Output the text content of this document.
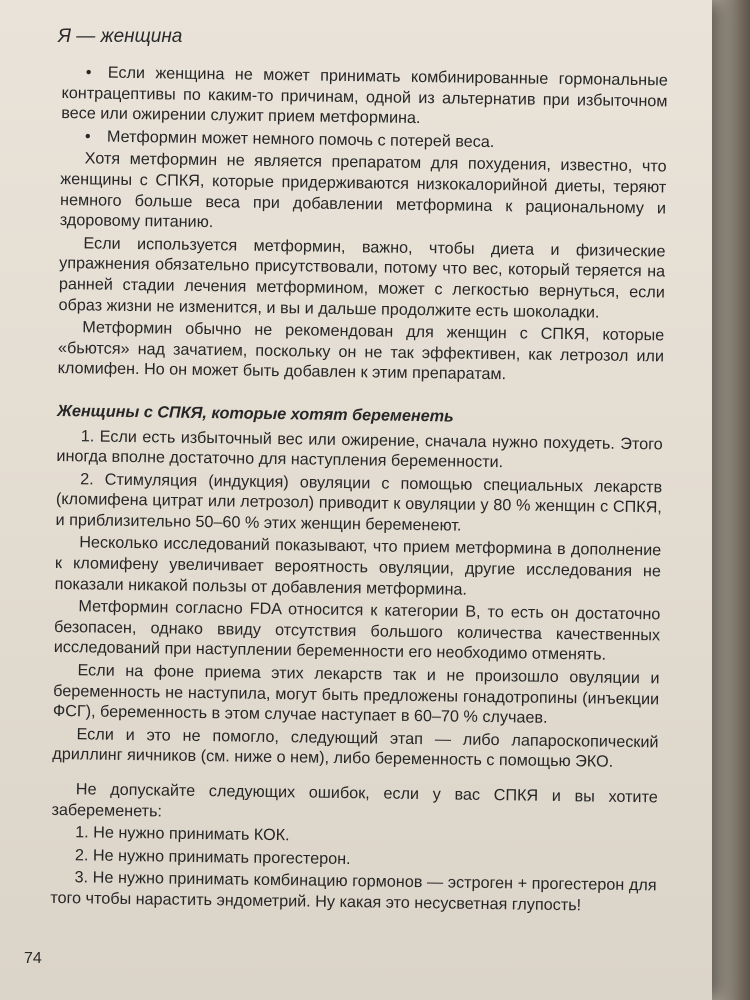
Я — женщина

• Если женщина не может принимать комбинированные гормональные контрацептивы по каким-то причинам, одной из альтернатив при избыточном весе или ожирении служит прием метформина.

• Метформин может немного помочь с потерей веса.

Хотя метформин не является препаратом для похудения, известно, что женщины с СПКЯ, которые придерживаются низкокалорийной диеты, теряют немного больше веса при добавлении метформина к рациональному и здоровому питанию.

Если используется метформин, важно, чтобы диета и физические упражнения обязательно присутствовали, потому что вес, который теряется на ранней стадии лечения метформином, может с легкостью вернуться, если образ жизни не изменится, и вы и дальше продолжите есть шоколадки.

Метформин обычно не рекомендован для женщин с СПКЯ, которые «бьются» над зачатием, поскольку он не так эффективен, как летрозол или кломифен. Но он может быть добавлен к этим препаратам.

Женщины с СПКЯ, которые хотят беременеть

1. Если есть избыточный вес или ожирение, сначала нужно похудеть. Этого иногда вполне достаточно для наступления беременности.

2. Стимуляция (индукция) овуляции с помощью специальных лекарств (кломифена цитрат или летрозол) приводит к овуляции у 80 % женщин с СПКЯ, и приблизительно 50–60 % этих женщин беременеют.

Несколько исследований показывают, что прием метформина в дополнение к кломифену увеличивает вероятность овуляции, другие исследования не показали никакой пользы от добавления метформина.

Метформин согласно FDA относится к категории В, то есть он достаточно безопасен, однако ввиду отсутствия большого количества качественных исследований при наступлении беременности его необходимо отменять.

Если на фоне приема этих лекарств так и не произошло овуляции и беременность не наступила, могут быть предложены гонадотропины (инъекции ФСГ), беременность в этом случае наступает в 60–70 % случаев.

Если и это не помогло, следующий этап — либо лапароскопический дриллинг яичников (см. ниже о нем), либо беременность с помощью ЭКО.

Не допускайте следующих ошибок, если у вас СПКЯ и вы хотите забеременеть:

1. Не нужно принимать КОК.

2. Не нужно принимать прогестерон.

3. Не нужно принимать комбинацию гормонов — эстроген + прогестерон для того чтобы нарастить эндометрий. Ну какая это несусветная глупость!

74
